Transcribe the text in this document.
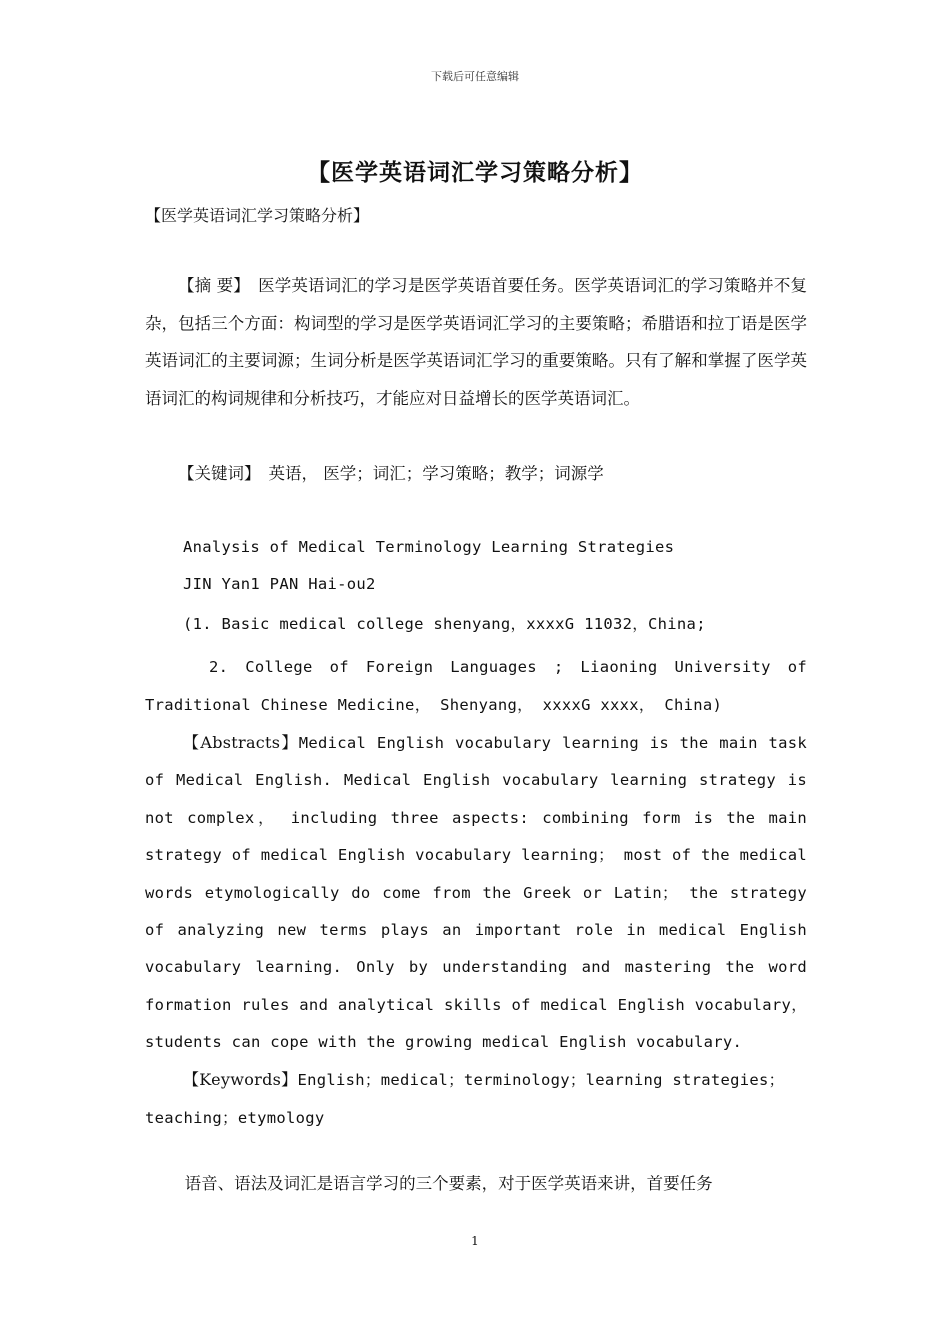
下载后可任意编辑
【医学英语词汇学习策略分析】
【医学英语词汇学习策略分析】
【摘 要】 医学英语词汇的学习是医学英语首要任务。医学英语词汇的学习策略并不复杂，包括三个方面：构词型的学习是医学英语词汇学习的主要策略；希腊语和拉丁语是医学英语词汇的主要词源；生词分析是医学英语词汇学习的重要策略。只有了解和掌握了医学英语词汇的构词规律和分析技巧，才能应对日益增长的医学英语词汇。
【关键词】 英语， 医学；词汇；学习策略；教学；词源学
Analysis of Medical Terminology Learning Strategies
JIN Yan1 PAN Hai-ou2
(1. Basic medical college shenyang，xxxxG 11032，China;
2. College of Foreign Languages ; Liaoning University of Traditional Chinese Medicine， Shenyang， xxxxG xxxx， China)
【Abstracts】Medical English vocabulary learning is the main task of Medical English. Medical English vocabulary learning strategy is not complex， including three aspects: combining form is the main strategy of medical English vocabulary learning； most of the medical words etymologically do come from the Greek or Latin； the strategy of analyzing new terms plays an important role in medical English vocabulary learning. Only by understanding and mastering the word formation rules and analytical skills of medical English vocabulary，students can cope with the growing medical English vocabulary.
【Keywords】English；medical；terminology；learning strategies；teaching；etymology
语音、语法及词汇是语言学习的三个要素，对于医学英语来讲，首要任务
1
